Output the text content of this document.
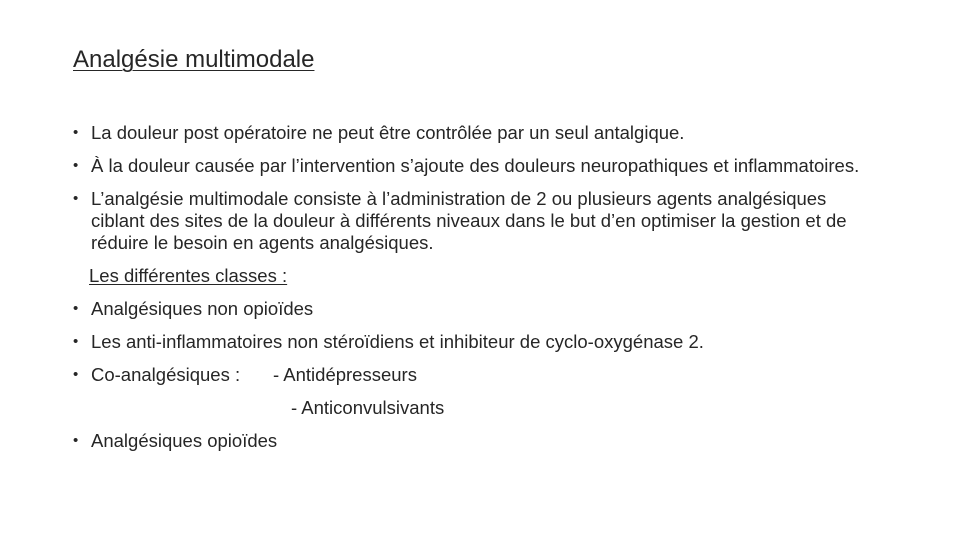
Analgésie multimodale
• La douleur post opératoire ne peut être contrôlée par un seul antalgique.
• À la douleur causée par l’intervention s’ajoute des douleurs neuropathiques et inflammatoires.
• L’analgésie multimodale consiste à l’administration de 2 ou plusieurs agents analgésiques ciblant des sites de la douleur à différents niveaux dans le but d’en optimiser la gestion et de réduire le besoin en agents analgésiques.
Les différentes classes :
• Analgésiques non opioïdes
• Les anti-inflammatoires non stéroïdiens et inhibiteur de cyclo-oxygénase 2.
• Co-analgésiques : - Antidépresseurs
- Anticonvulsivants
• Analgésiques opioïdes
